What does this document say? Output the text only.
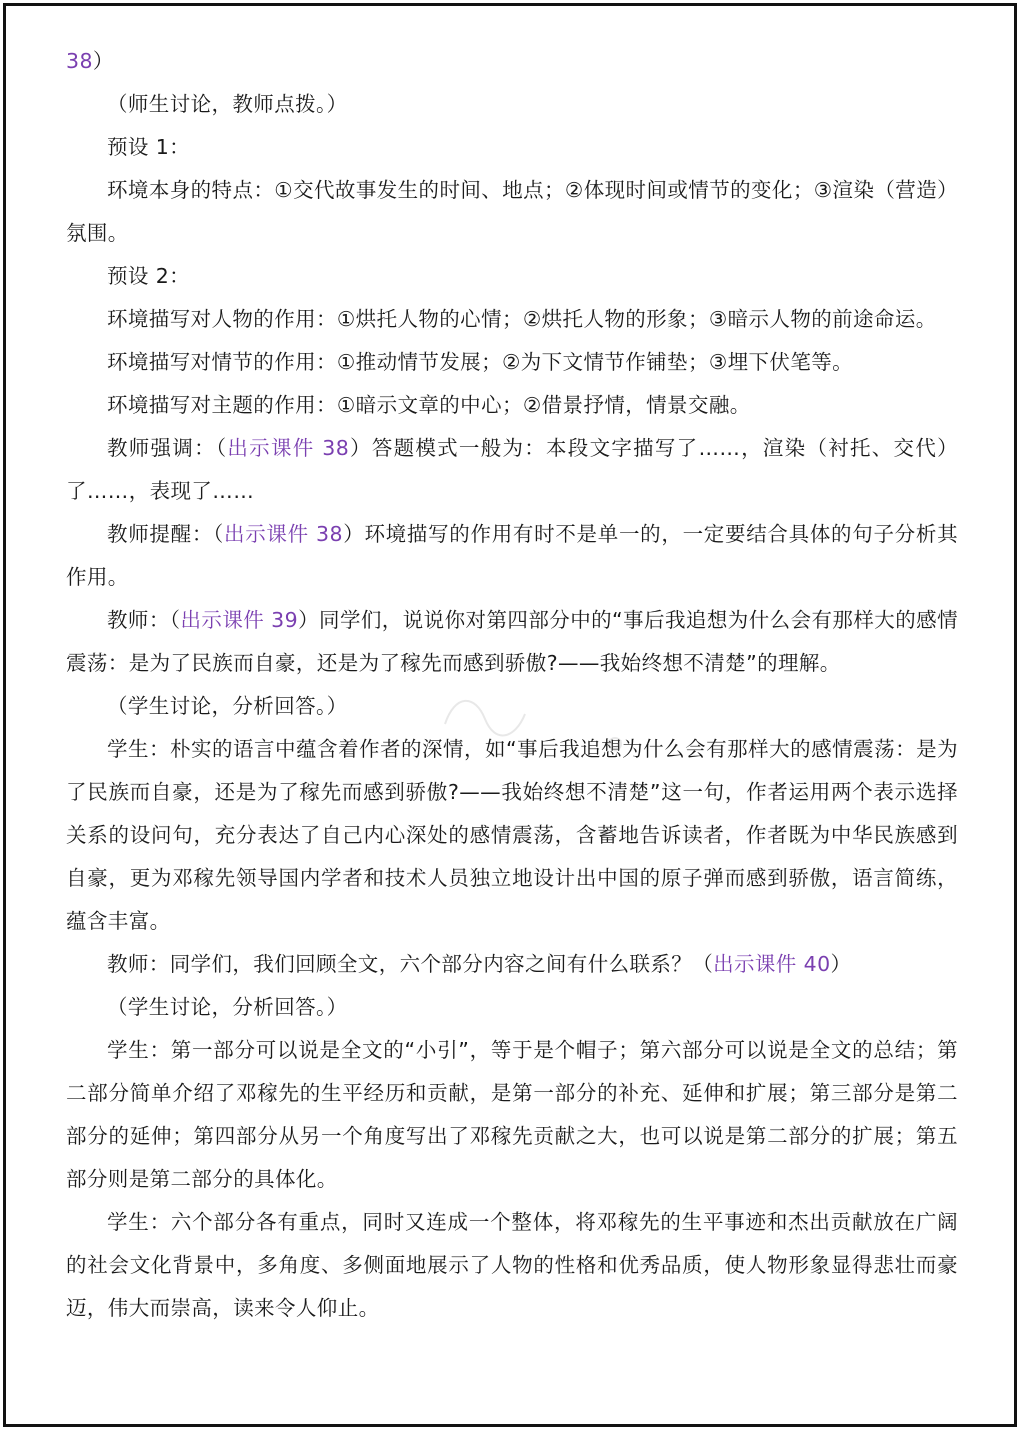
38）

（师生讨论，教师点拨。）

预设 1：

环境本身的特点：①交代故事发生的时间、地点；②体现时间或情节的变化；③渲染（营造）氛围。

预设 2：

环境描写对人物的作用：①烘托人物的心情；②烘托人物的形象；③暗示人物的前途命运。

环境描写对情节的作用：①推动情节发展；②为下文情节作铺垫；③埋下伏笔等。

环境描写对主题的作用：①暗示文章的中心；②借景抒情，情景交融。

教师强调：（出示课件 38）答题模式一般为：本段文字描写了……，渲染（衬托、交代）了……，表现了……

教师提醒：（出示课件 38）环境描写的作用有时不是单一的，一定要结合具体的句子分析其作用。

教师：（出示课件 39）同学们，说说你对第四部分中的“事后我追想为什么会有那样大的感情震荡：是为了民族而自豪，还是为了稼先而感到骄傲?——我始终想不清楚”的理解。

（学生讨论，分析回答。）

学生：朴实的语言中蕴含着作者的深情，如“事后我追想为什么会有那样大的感情震荡：是为了民族而自豪，还是为了稼先而感到骄傲?——我始终想不清楚”这一句，作者运用两个表示选择关系的设问句，充分表达了自己内心深处的感情震荡，含蓄地告诉读者，作者既为中华民族感到自豪，更为邓稼先领导国内学者和技术人员独立地设计出中国的原子弹而感到骄傲，语言简练，蕴含丰富。

教师：同学们，我们回顾全文，六个部分内容之间有什么联系？（出示课件 40）

（学生讨论，分析回答。）

学生：第一部分可以说是全文的“小引”，等于是个帽子；第六部分可以说是全文的总结；第二部分简单介绍了邓稼先的生平经历和贡献，是第一部分的补充、延伸和扩展；第三部分是第二部分的延伸；第四部分从另一个角度写出了邓稼先贡献之大，也可以说是第二部分的扩展；第五部分则是第二部分的具体化。

学生：六个部分各有重点，同时又连成一个整体，将邓稼先的生平事迹和杰出贡献放在广阔的社会文化背景中，多角度、多侧面地展示了人物的性格和优秀品质，使人物形象显得悲壮而豪迈，伟大而崇高，读来令人仰止。
